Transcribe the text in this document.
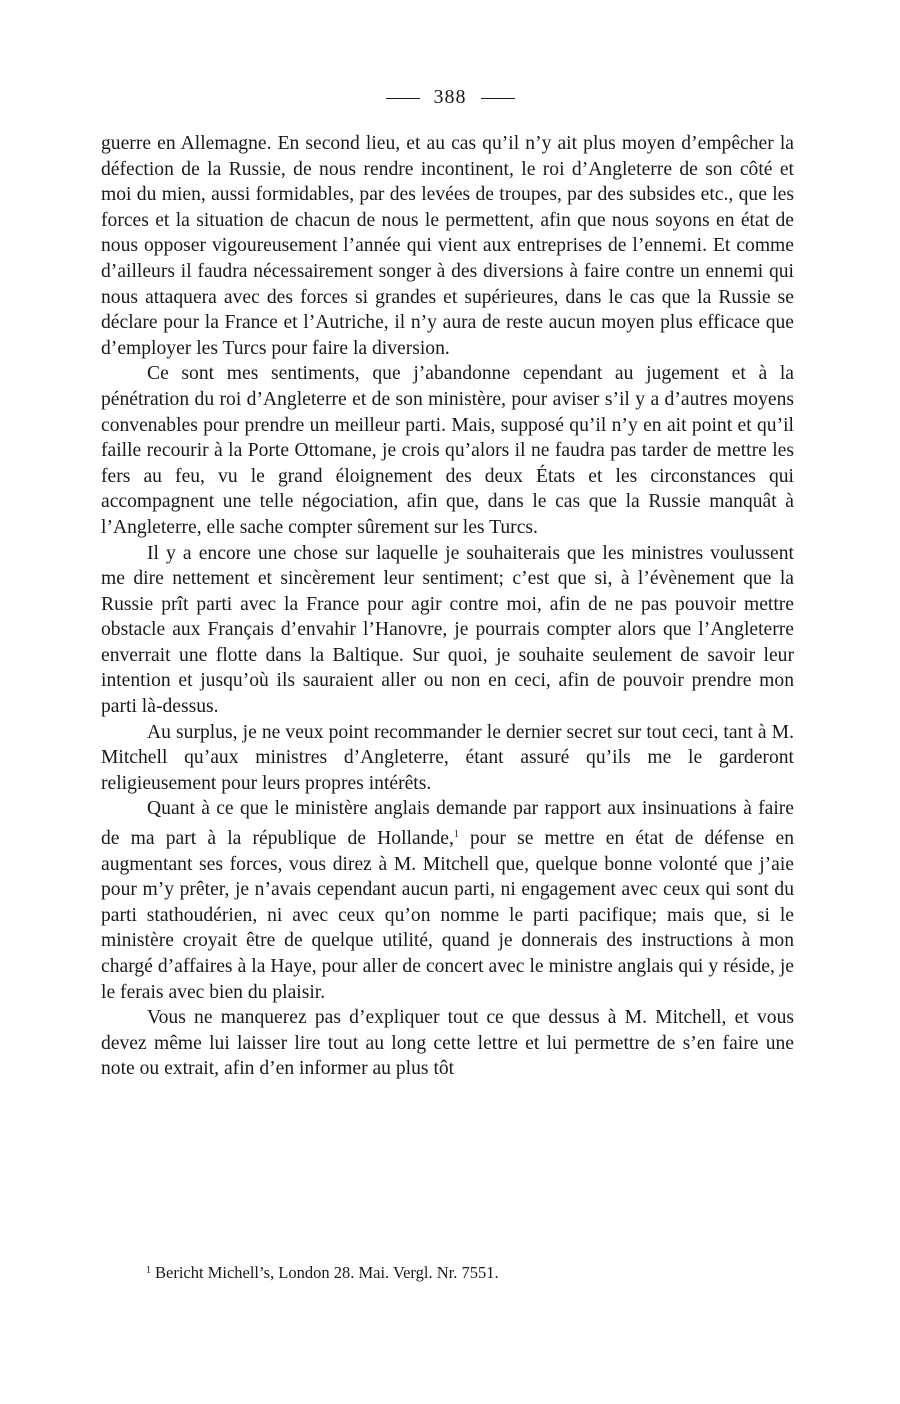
388

guerre en Allemagne. En second lieu, et au cas qu’il n’y ait plus moyen d’empêcher la défection de la Russie, de nous rendre incontinent, le roi d’Angleterre de son côté et moi du mien, aussi formidables, par des levées de troupes, par des subsides etc., que les forces et la situation de chacun de nous le permettent, afin que nous soyons en état de nous opposer vigoureusement l’année qui vient aux entreprises de l’ennemi. Et comme d’ailleurs il faudra nécessairement songer à des diversions à faire contre un ennemi qui nous attaquera avec des forces si grandes et supérieures, dans le cas que la Russie se déclare pour la France et l’Autriche, il n’y aura de reste aucun moyen plus efficace que d’employer les Turcs pour faire la diversion.

Ce sont mes sentiments, que j’abandonne cependant au jugement et à la pénétration du roi d’Angleterre et de son ministère, pour aviser s’il y a d’autres moyens convenables pour prendre un meilleur parti. Mais, supposé qu’il n’y en ait point et qu’il faille recourir à la Porte Ottomane, je crois qu’alors il ne faudra pas tarder de mettre les fers au feu, vu le grand éloignement des deux États et les circonstances qui accompagnent une telle négociation, afin que, dans le cas que la Russie manquât à l’Angleterre, elle sache compter sûrement sur les Turcs.

Il y a encore une chose sur laquelle je souhaiterais que les ministres voulussent me dire nettement et sincèrement leur sentiment; c’est que si, à l’évènement que la Russie prît parti avec la France pour agir contre moi, afin de ne pas pouvoir mettre obstacle aux Français d’envahir l’Hanovre, je pourrais compter alors que l’Angleterre enverrait une flotte dans la Baltique. Sur quoi, je souhaite seulement de savoir leur intention et jusqu’où ils sauraient aller ou non en ceci, afin de pouvoir prendre mon parti là-dessus.

Au surplus, je ne veux point recommander le dernier secret sur tout ceci, tant à M. Mitchell qu’aux ministres d’Angleterre, étant assuré qu’ils me le garderont religieusement pour leurs propres intérêts.

Quant à ce que le ministère anglais demande par rapport aux insinuations à faire de ma part à la république de Hollande,$^1$ pour se mettre en état de défense en augmentant ses forces, vous direz à M. Mitchell que, quelque bonne volonté que j’aie pour m’y prêter, je n’avais cependant aucun parti, ni engagement avec ceux qui sont du parti stathoudérien, ni avec ceux qu’on nomme le parti pacifique; mais que, si le ministère croyait être de quelque utilité, quand je donnerais des instructions à mon chargé d’affaires à la Haye, pour aller de concert avec le ministre anglais qui y réside, je le ferais avec bien du plaisir.

Vous ne manquerez pas d’expliquer tout ce que dessus à M. Mitchell, et vous devez même lui laisser lire tout au long cette lettre et lui permettre de s’en faire une note ou extrait, afin d’en informer au plus tôt

$^1$ Bericht Michell’s, London 28. Mai. Vergl. Nr. 7551.
